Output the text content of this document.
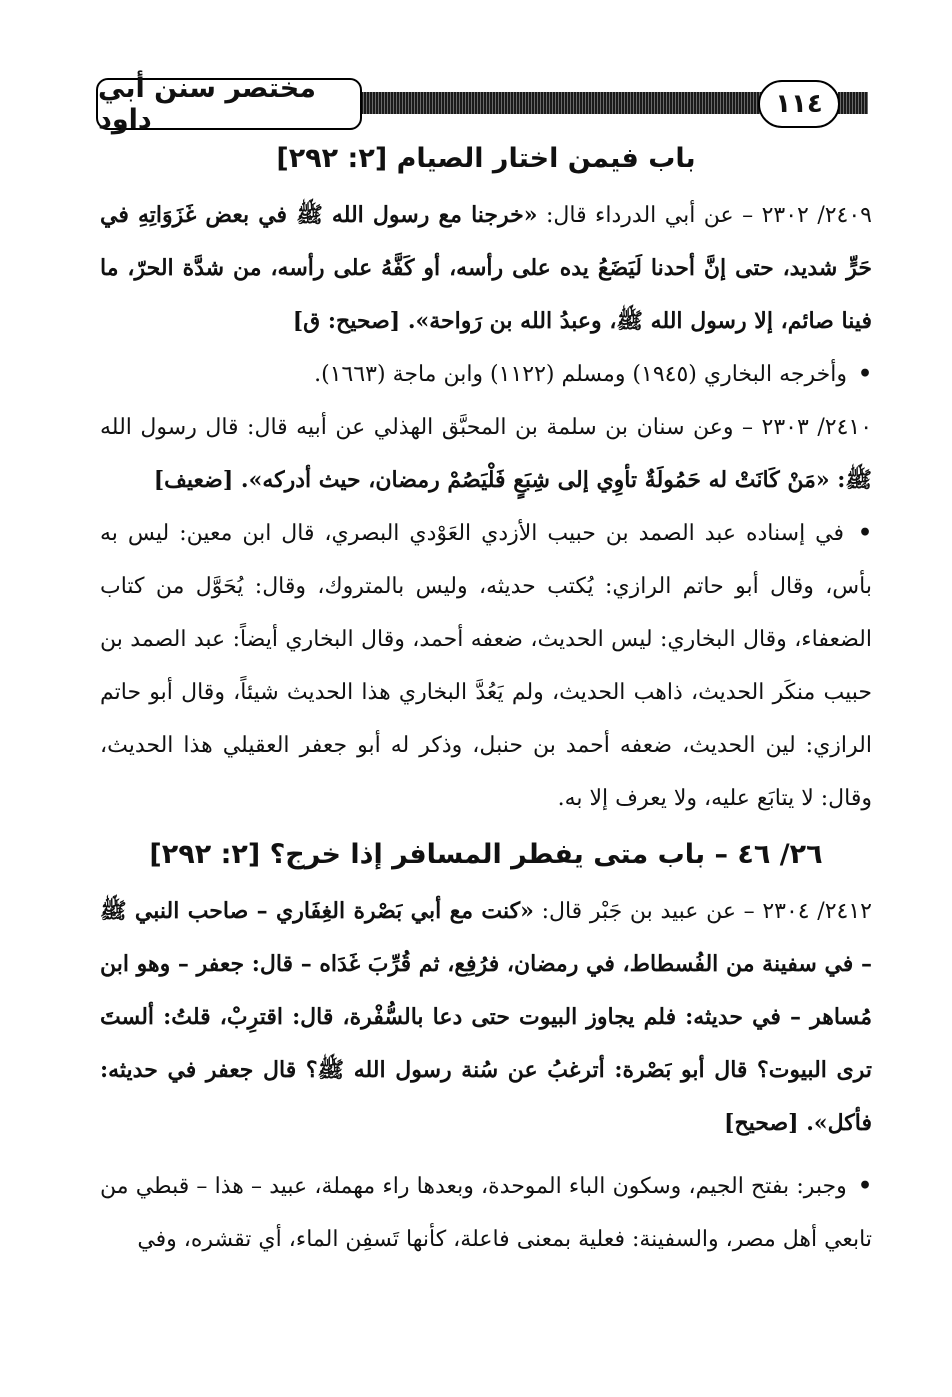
مختصر سنن أبي داود	١١٤

باب فيمن اختار الصيام [٢: ٢٩٢]

٢٤٠٩/ ٢٣٠٢ – عن أبي الدرداء قال: «خرجنا مع رسول الله ﷺ في بعض غَزَوَاتِهِ في حَرٍّ شديد، حتى إنَّ أحدنا لَيَضَعُ يده على رأسه، أو كَفَّهُ على رأسه، من شدَّة الحرّ، ما فينا صائم، إلا رسول الله ﷺ، وعبدُ الله بن رَواحة». [صحيح: ق]

• وأخرجه البخاري (١٩٤٥) ومسلم (١١٢٢) وابن ماجة (١٦٦٣).

٢٤١٠/ ٢٣٠٣ – وعن سنان بن سلمة بن المحبَّق الهذلي عن أبيه قال: قال رسول الله ﷺ: «مَنْ كَانَتْ له حَمُولَةٌ تأوِي إلى شِبَعٍ فَلْيَصُمْ رمضان، حيث أدركه». [ضعيف]

• في إسناده عبد الصمد بن حبيب الأزدي العَوْدي البصري، قال ابن معين: ليس به بأس، وقال أبو حاتم الرازي: يُكتب حديثه، وليس بالمتروك، وقال: يُحَوَّل من كتاب الضعفاء، وقال البخاري: ليس الحديث، ضعفه أحمد، وقال البخاري أيضاً: عبد الصمد بن حبيب منكَر الحديث، ذاهب الحديث، ولم يَعُدَّ البخاري هذا الحديث شيئاً، وقال أبو حاتم الرازي: لين الحديث، ضعفه أحمد بن حنبل، وذكر له أبو جعفر العقيلي هذا الحديث، وقال: لا يتابَع عليه، ولا يعرف إلا به.

٢٦/ ٤٦ – باب متى يفطر المسافر إذا خرج؟ [٢: ٢٩٢]

٢٤١٢/ ٢٣٠٤ – عن عبيد بن جَبْر قال: «كنت مع أبي بَصْرة الغِفَاري – صاحب النبي ﷺ – في سفينة من الفُسطاط، في رمضان، فرُفِع، ثم قُرِّبَ غَدَاه – قال: جعفر – وهو ابن مُساهر – في حديثه: فلم يجاوز البيوت حتى دعا بالسُّفْرة، قال: اقترِبْ، قلتُ: ألستَ ترى البيوت؟ قال أبو بَصْرة: أترغبُ عن سُنة رسول الله ﷺ؟ قال جعفر في حديثه: فأكل». [صحيح]

• وجبر: بفتح الجيم، وسكون الباء الموحدة، وبعدها راء مهملة، عبيد – هذا – قبطي من تابعي أهل مصر، والسفينة: فعلية بمعنى فاعلة، كأنها تَسفِن الماء، أي تقشره، وفي
